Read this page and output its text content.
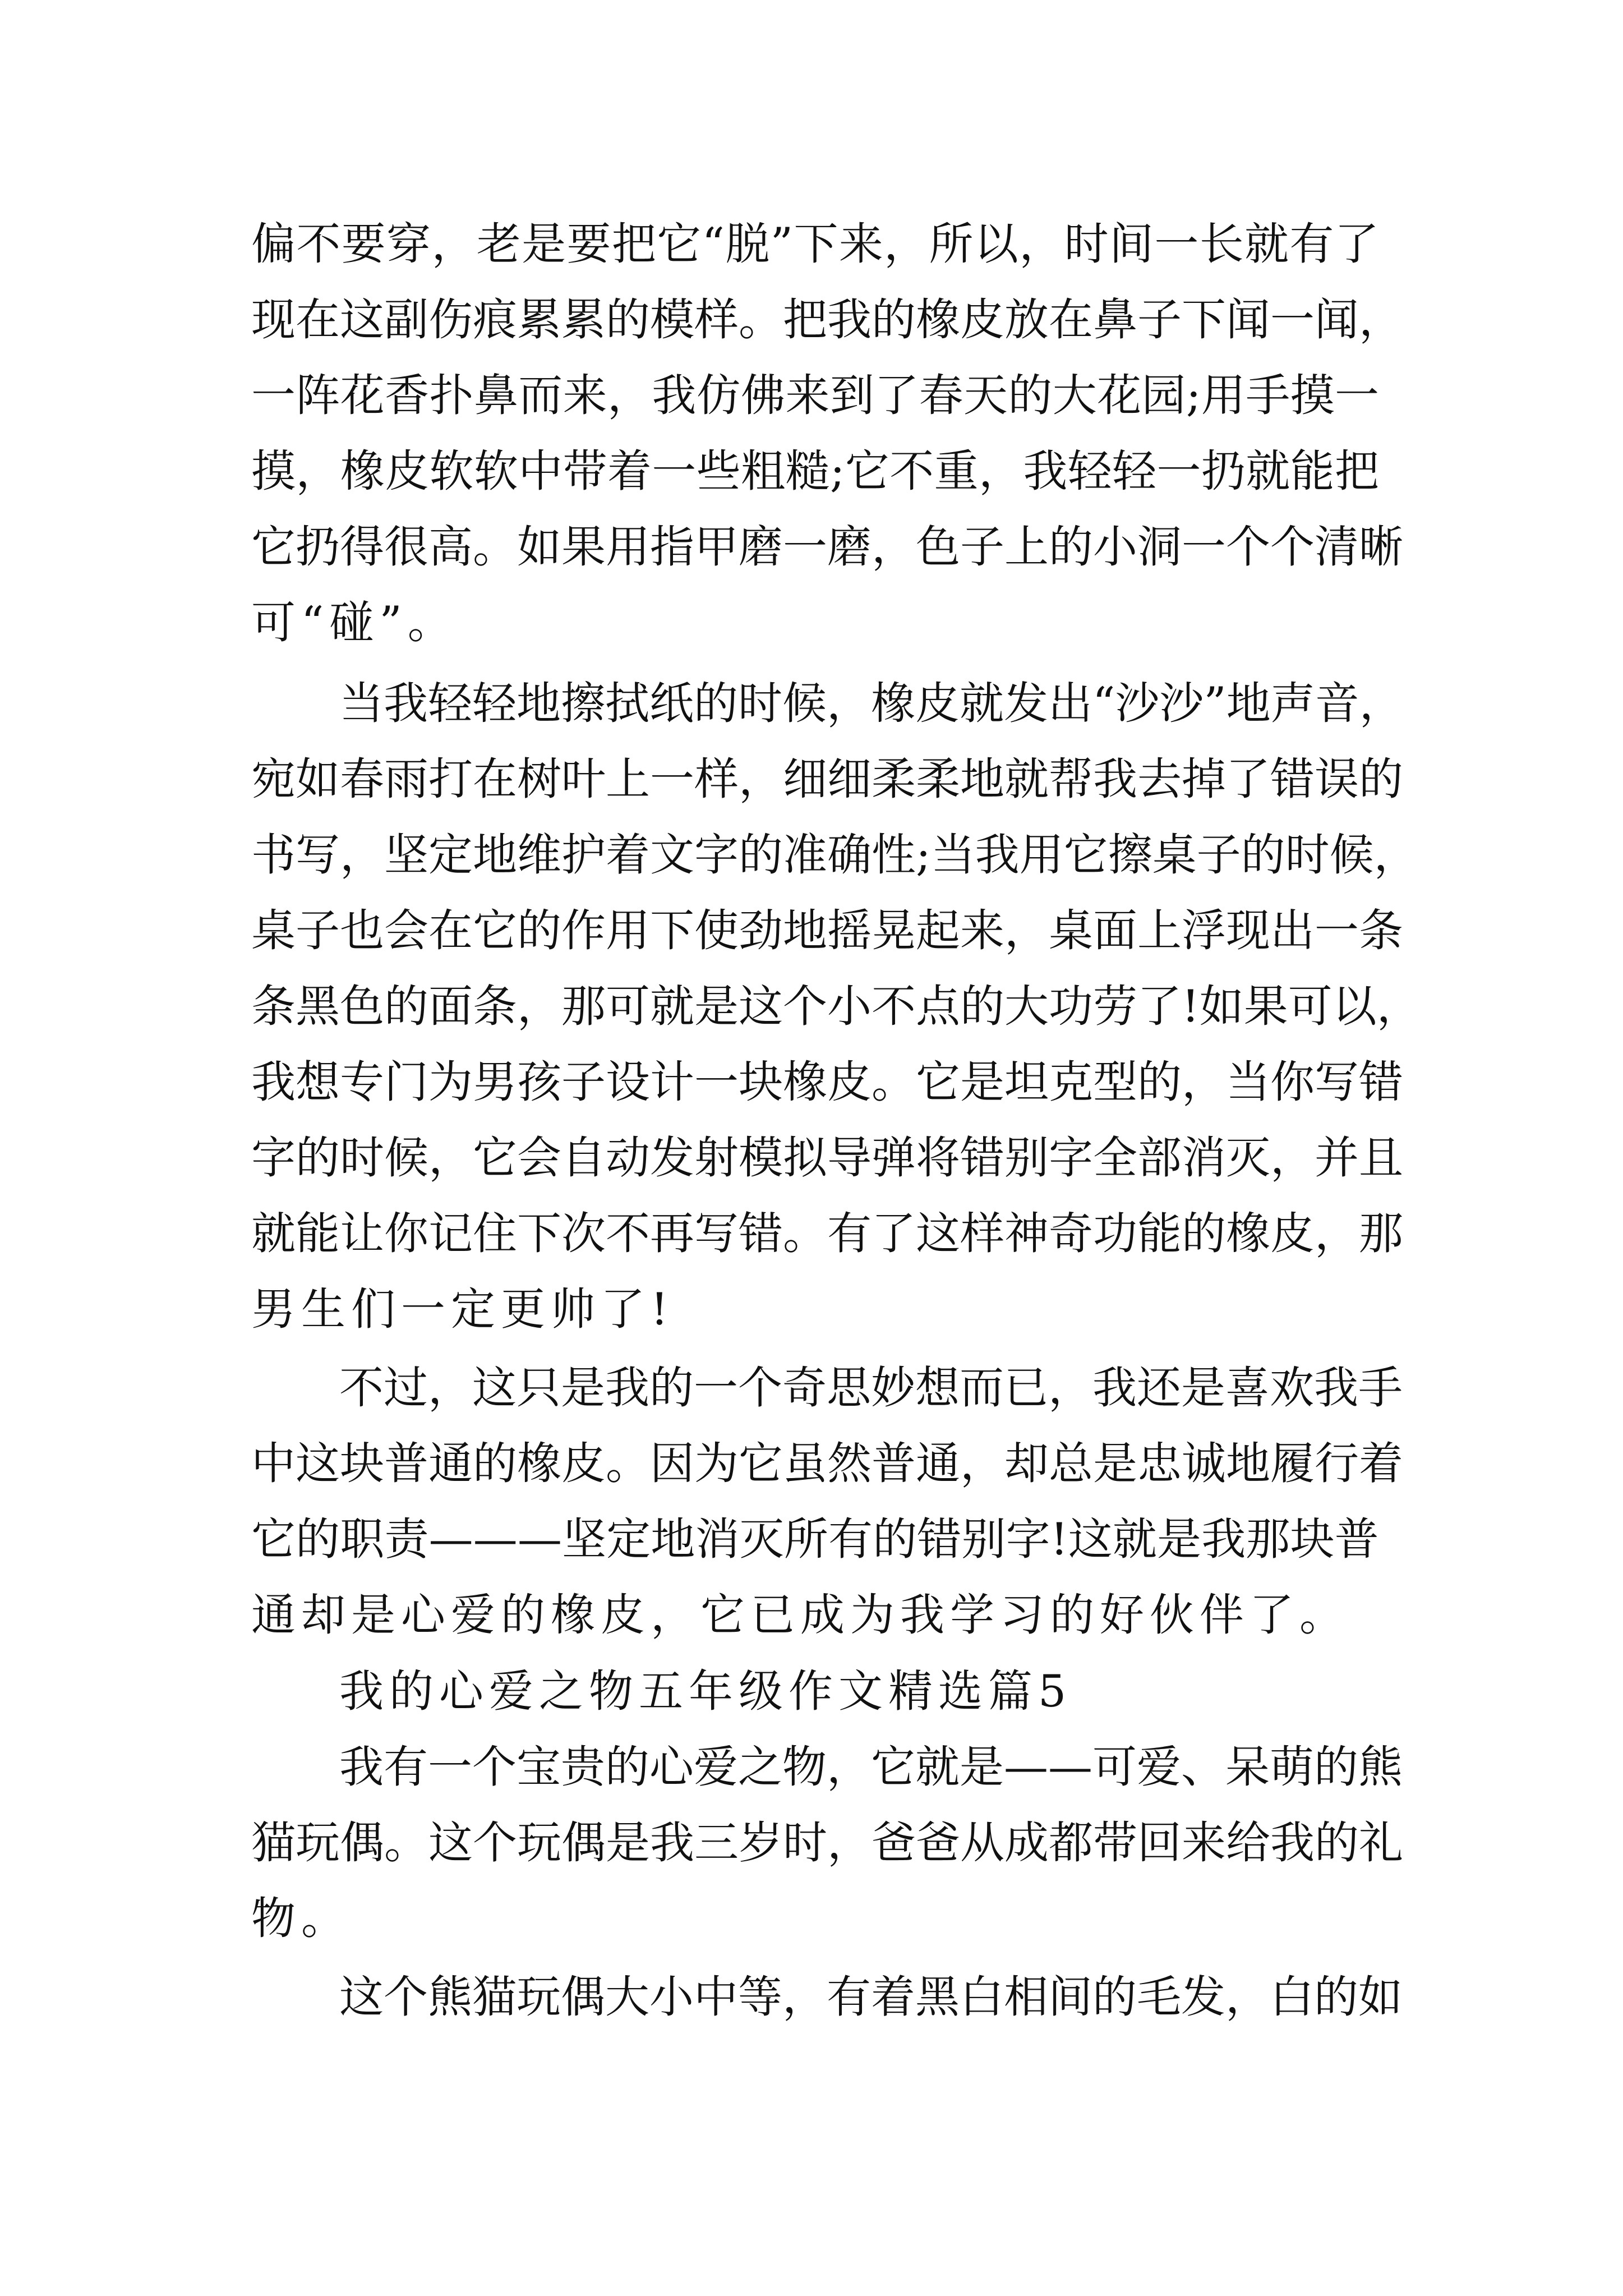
偏 不 要 穿 ， 老 是 要 把 它 “ 脱 ” 下 来 ， 所 以 ， 时 间 一 长 就 有 了
现 在 这 副 伤 痕 累 累 的 模 样 。 把 我 的 橡 皮 放 在 鼻 子 下 闻 一 闻 ，
一 阵 花 香 扑 鼻 而 来 ， 我 仿 佛 来 到 了 春 天 的 大 花 园 ; 用 手 摸 一
摸 ， 橡 皮 软 软 中 带 着 一 些 粗 糙 ; 它 不 重 ， 我 轻 轻 一 扔 就 能 把
它 扔 得 很 高 。 如 果 用 指 甲 磨 一 磨 ， 色 子 上 的 小 洞 一 个 个 清 晰
可“碰”。
当 我 轻 轻 地 擦 拭 纸 的 时 候 ， 橡 皮 就 发 出 “ 沙 沙 ” 地 声 音 ，
宛 如 春 雨 打 在 树 叶 上 一 样 ， 细 细 柔 柔 地 就 帮 我 去 掉 了 错 误 的
书 写 ， 坚 定 地 维 护 着 文 字 的 准 确 性 ; 当 我 用 它 擦 桌 子 的 时 候 ，
桌 子 也 会 在 它 的 作 用 下 使 劲 地 摇 晃 起 来 ， 桌 面 上 浮 现 出 一 条
条 黑 色 的 面 条 ， 那 可 就 是 这 个 小 不 点 的 大 功 劳 了 ! 如 果 可 以 ，
我 想 专 门 为 男 孩 子 设 计 一 块 橡 皮 。 它 是 坦 克 型 的 ， 当 你 写 错
字 的 时 候 ， 它 会 自 动 发 射 模 拟 导 弹 将 错 别 字 全 部 消 灭 ， 并 且
就 能 让 你 记 住 下 次 不 再 写 错 。 有 了 这 样 神 奇 功 能 的 橡 皮 ， 那
男生们一定更帅了!
不 过 ， 这 只 是 我 的 一 个 奇 思 妙 想 而 已 ， 我 还 是 喜 欢 我 手
中 这 块 普 通 的 橡 皮 。 因 为 它 虽 然 普 通 ， 却 总 是 忠 诚 地 履 行 着
它 的 职 责 — — — 坚 定 地 消 灭 所 有 的 错 别 字 ! 这 就 是 我 那 块 普
通却是心爱的橡皮，它已成为我学习的好伙伴了。
我的心爱之物五年级作文精选篇5
我 有 一 个 宝 贵 的 心 爱 之 物 ， 它 就 是 — — 可 爱 、 呆 萌 的 熊
猫 玩 偶 。 这 个 玩 偶 是 我 三 岁 时 ， 爸 爸 从 成 都 带 回 来 给 我 的 礼
物。
这 个 熊 猫 玩 偶 大 小 中 等 ， 有 着 黑 白 相 间 的 毛 发 ， 白 的 如
